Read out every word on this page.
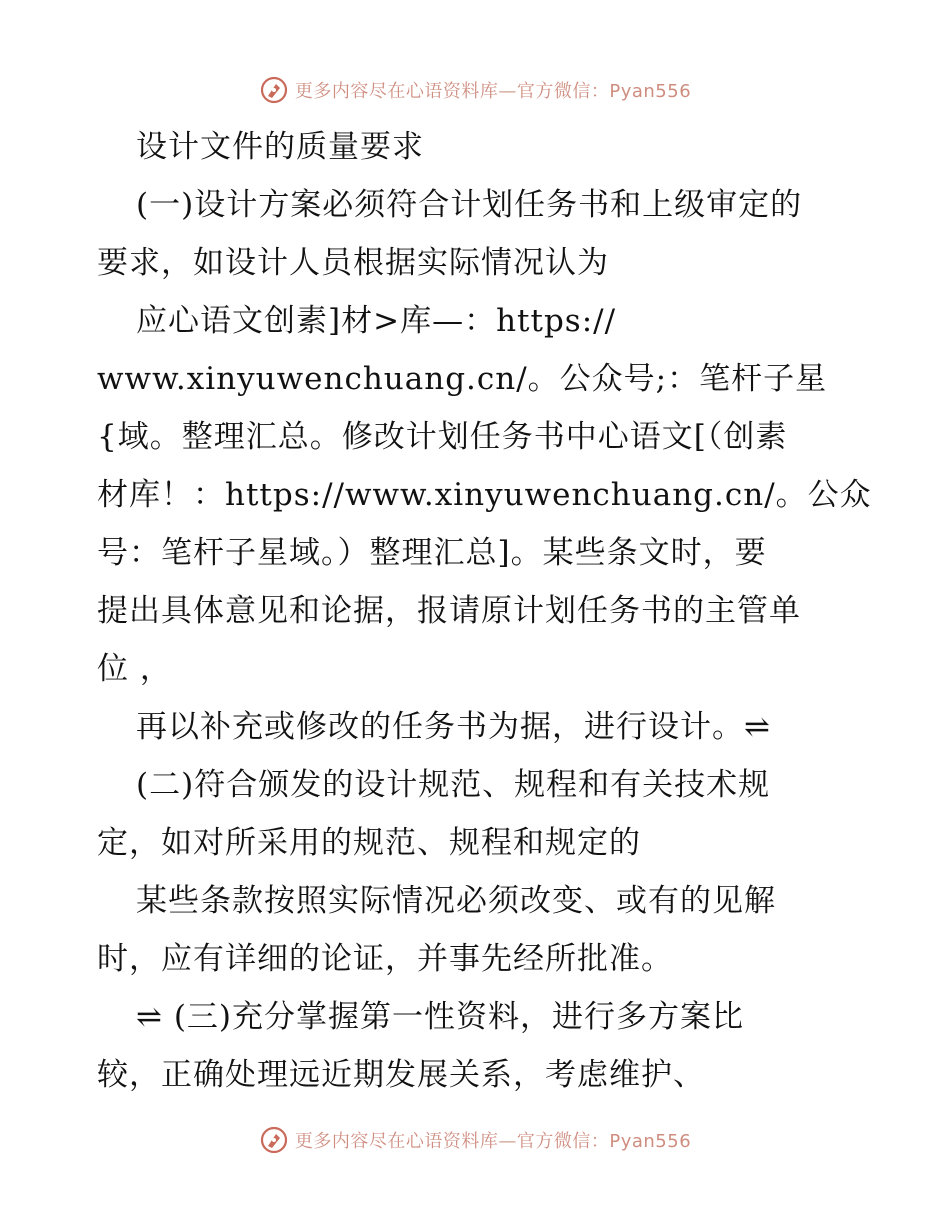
更多内容尽在心语资料库—官方微信：Pyan556
设计文件的质量要求
(一)设计方案必须符合计划任务书和上级审定的
要求，如设计人员根据实际情况认为
应心语文创素]材>库—：https://
www.xinyuwenchuang.cn/。公众号;：笔杆子星
{域。整理汇总。修改计划任务书中心语文[（创素
材库！：https://www.xinyuwenchuang.cn/。公众
号：笔杆子星域。）整理汇总]。某些条文时，要
提出具体意见和论据，报请原计划任务书的主管单
位 ，
再以补充或修改的任务书为据，进行设计。⇌
(二)符合颁发的设计规范、规程和有关技术规
定，如对所采用的规范、规程和规定的
某些条款按照实际情况必须改变、或有的见解
时，应有详细的论证，并事先经所批准。
⇌ (三)充分掌握第一性资料，进行多方案比
较，正确处理远近期发展关系，考虑维护、
更多内容尽在心语资料库—官方微信：Pyan556
